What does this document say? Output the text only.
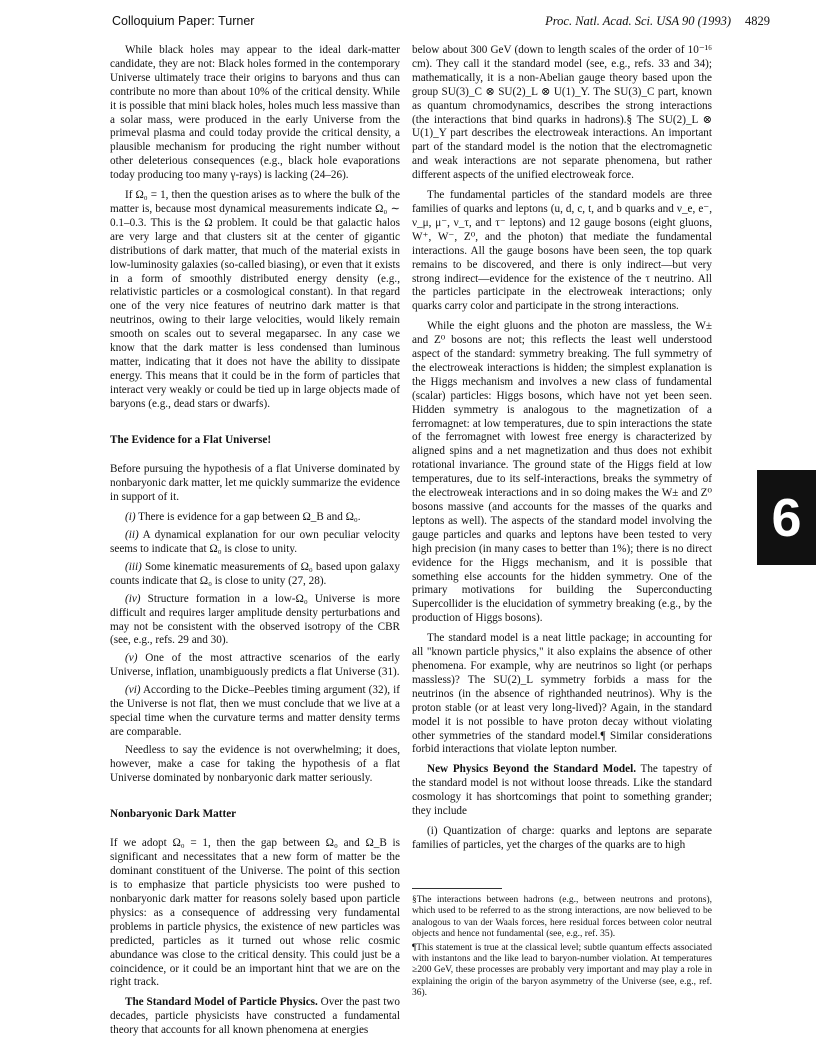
Colloquium Paper: Turner	Proc. Natl. Acad. Sci. USA 90 (1993) 4829

While black holes may appear to the ideal dark-matter candidate, they are not: Black holes formed in the contemporary Universe ultimately trace their origins to baryons and thus can contribute no more than about 10% of the critical density. While it is possible that mini black holes, holes much less massive than a solar mass, were produced in the early Universe from the primeval plasma and could today provide the critical density, a plausible mechanism for producing the right number without other deleterious consequences (e.g., black hole evaporations today producing too many γ-rays) is lacking (24–26).

If Ω₀ = 1, then the question arises as to where the bulk of the matter is, because most dynamical measurements indicate Ω₀ ∼ 0.1–0.3. This is the Ω problem. It could be that galactic halos are very large and that clusters sit at the center of gigantic distributions of dark matter, that much of the material exists in low-luminosity galaxies (so-called biasing), or even that it exists in a form of smoothly distributed energy density (e.g., relativistic particles or a cosmological constant). In that regard one of the very nice features of neutrino dark matter is that neutrinos, owing to their large velocities, would likely remain smooth on scales out to several megaparsec. In any case we know that the dark matter is less condensed than luminous matter, indicating that it does not have the ability to dissipate energy. This means that it could be in the form of particles that interact very weakly or could be tied up in large objects made of baryons (e.g., dead stars or dwarfs).

The Evidence for a Flat Universe!

Before pursuing the hypothesis of a flat Universe dominated by nonbaryonic dark matter, let me quickly summarize the evidence in support of it.

(i) There is evidence for a gap between Ω_B and Ω₀.

(ii) A dynamical explanation for our own peculiar velocity seems to indicate that Ω₀ is close to unity.

(iii) Some kinematic measurements of Ω₀ based upon galaxy counts indicate that Ω₀ is close to unity (27, 28).

(iv) Structure formation in a low-Ω₀ Universe is more difficult and requires larger amplitude density perturbations and may not be consistent with the observed isotropy of the CBR (see, e.g., refs. 29 and 30).

(v) One of the most attractive scenarios of the early Universe, inflation, unambiguously predicts a flat Universe (31).

(vi) According to the Dicke–Peebles timing argument (32), if the Universe is not flat, then we must conclude that we live at a special time when the curvature terms and matter density terms are comparable.

Needless to say the evidence is not overwhelming; it does, however, make a case for taking the hypothesis of a flat Universe dominated by nonbaryonic dark matter seriously.

Nonbaryonic Dark Matter

If we adopt Ω₀ = 1, then the gap between Ω₀ and Ω_B is significant and necessitates that a new form of matter be the dominant constituent of the Universe. The point of this section is to emphasize that particle physicists too were pushed to nonbaryonic dark matter for reasons solely based upon particle physics: as a consequence of addressing very fundamental problems in particle physics, the existence of new particles was predicted, particles as it turned out whose relic cosmic abundance was close to the critical density. This could just be a coincidence, or it could be an important hint that we are on the right track.

The Standard Model of Particle Physics. Over the past two decades, particle physicists have constructed a fundamental theory that accounts for all known phenomena at energies

below about 300 GeV (down to length scales of the order of 10⁻¹⁶ cm). They call it the standard model (see, e.g., refs. 33 and 34); mathematically, it is a non-Abelian gauge theory based upon the group SU(3)_C ⊗ SU(2)_L ⊗ U(1)_Y. The SU(3)_C part, known as quantum chromodynamics, describes the strong interactions (the interactions that bind quarks in hadrons).§ The SU(2)_L ⊗ U(1)_Y part describes the electroweak interactions. An important part of the standard model is the notion that the electromagnetic and weak interactions are not separate phenomena, but rather different aspects of the unified electroweak force.

The fundamental particles of the standard models are three families of quarks and leptons (u, d, c, t, and b quarks and ν_e, e⁻, ν_μ, μ⁻, ν_τ, and τ⁻ leptons) and 12 gauge bosons (eight gluons, W⁺, W⁻, Z⁰, and the photon) that mediate the fundamental interactions. All the gauge bosons have been seen, the top quark remains to be discovered, and there is only indirect—but very strong indirect—evidence for the existence of the τ neutrino. All the particles participate in the electroweak interactions; only quarks carry color and participate in the strong interactions.

While the eight gluons and the photon are massless, the W± and Z⁰ bosons are not; this reflects the least well understood aspect of the standard: symmetry breaking. The full symmetry of the electroweak interactions is hidden; the simplest explanation is the Higgs mechanism and involves a new class of fundamental (scalar) particles: Higgs bosons, which have not yet been seen. Hidden symmetry is analogous to the magnetization of a ferromagnet: at low temperatures, due to spin interactions the state of the ferromagnet with lowest free energy is characterized by aligned spins and a net magnetization and thus does not exhibit rotational invariance. The ground state of the Higgs field at low temperatures, due to its self-interactions, breaks the symmetry of the electroweak interactions and in so doing makes the W± and Z⁰ bosons massive (and accounts for the masses of the quarks and leptons as well). The aspects of the standard model involving the gauge particles and quarks and leptons have been tested to very high precision (in many cases to better than 1%); there is no direct evidence for the Higgs mechanism, and it is possible that something else accounts for the hidden symmetry. One of the primary motivations for building the Superconducting Supercollider is the elucidation of symmetry breaking (e.g., by the production of Higgs bosons).

The standard model is a neat little package; in accounting for all "known particle physics," it also explains the absence of other phenomena. For example, why are neutrinos so light (or perhaps massless)? The SU(2)_L symmetry forbids a mass for the neutrinos (in the absence of righthanded neutrinos). Why is the proton stable (or at least very long-lived)? Again, in the standard model it is not possible to have proton decay without violating other symmetries of the standard model.¶ Similar considerations forbid interactions that violate lepton number.

New Physics Beyond the Standard Model. The tapestry of the standard model is not without loose threads. Like the standard cosmology it has shortcomings that point to something grander; they include

(i) Quantization of charge: quarks and leptons are separate families of particles, yet the charges of the quarks are to high

§The interactions between hadrons (e.g., between neutrons and protons), which used to be referred to as the strong interactions, are now believed to be analogous to van der Waals forces, here residual forces between color neutral objects and hence not fundamental (see, e.g., ref. 35).

¶This statement is true at the classical level; subtle quantum effects associated with instantons and the like lead to baryon-number violation. At temperatures ≥200 GeV, these processes are probably very important and may play a role in explaining the origin of the baryon asymmetry of the Universe (see, e.g., ref. 36).

6
